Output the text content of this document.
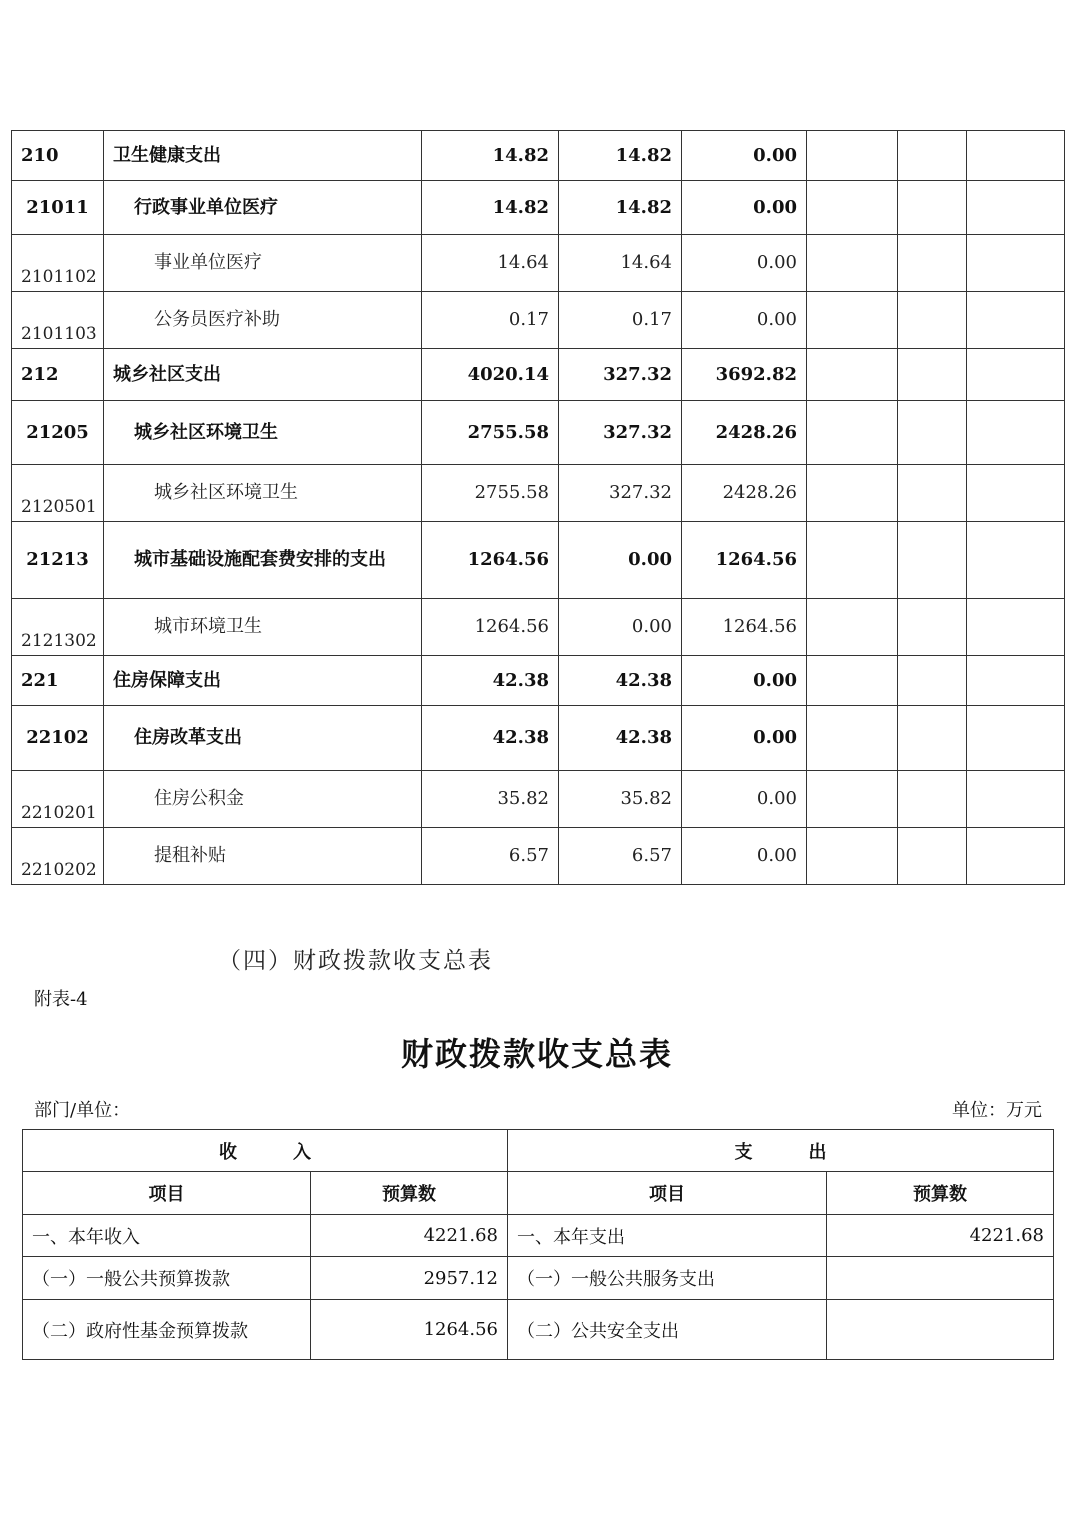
210	卫生健康支出	14.82	14.82	0.00			
21011	行政事业单位医疗	14.82	14.82	0.00			
2101102	事业单位医疗	14.64	14.64	0.00			
2101103	公务员医疗补助	0.17	0.17	0.00			
212	城乡社区支出	4020.14	327.32	3692.82			
21205	城乡社区环境卫生	2755.58	327.32	2428.26			
2120501	城乡社区环境卫生	2755.58	327.32	2428.26			
21213	城市基础设施配套费安排的支出	1264.56	0.00	1264.56			
2121302	城市环境卫生	1264.56	0.00	1264.56			
221	住房保障支出	42.38	42.38	0.00			
22102	住房改革支出	42.38	42.38	0.00			
2210201	住房公积金	35.82	35.82	0.00			
2210202	提租补贴	6.57	6.57	0.00			
（四）财政拨款收支总表
附表-4
财政拨款收支总表
部门/单位：	单位：万元
收 入		支 出	
项目	预算数	项目	预算数
一、本年收入	4221.68	一、本年支出	4221.68
（一）一般公共预算拨款	2957.12	（一）一般公共服务支出	
（二）政府性基金预算拨款	1264.56	（二）公共安全支出	
